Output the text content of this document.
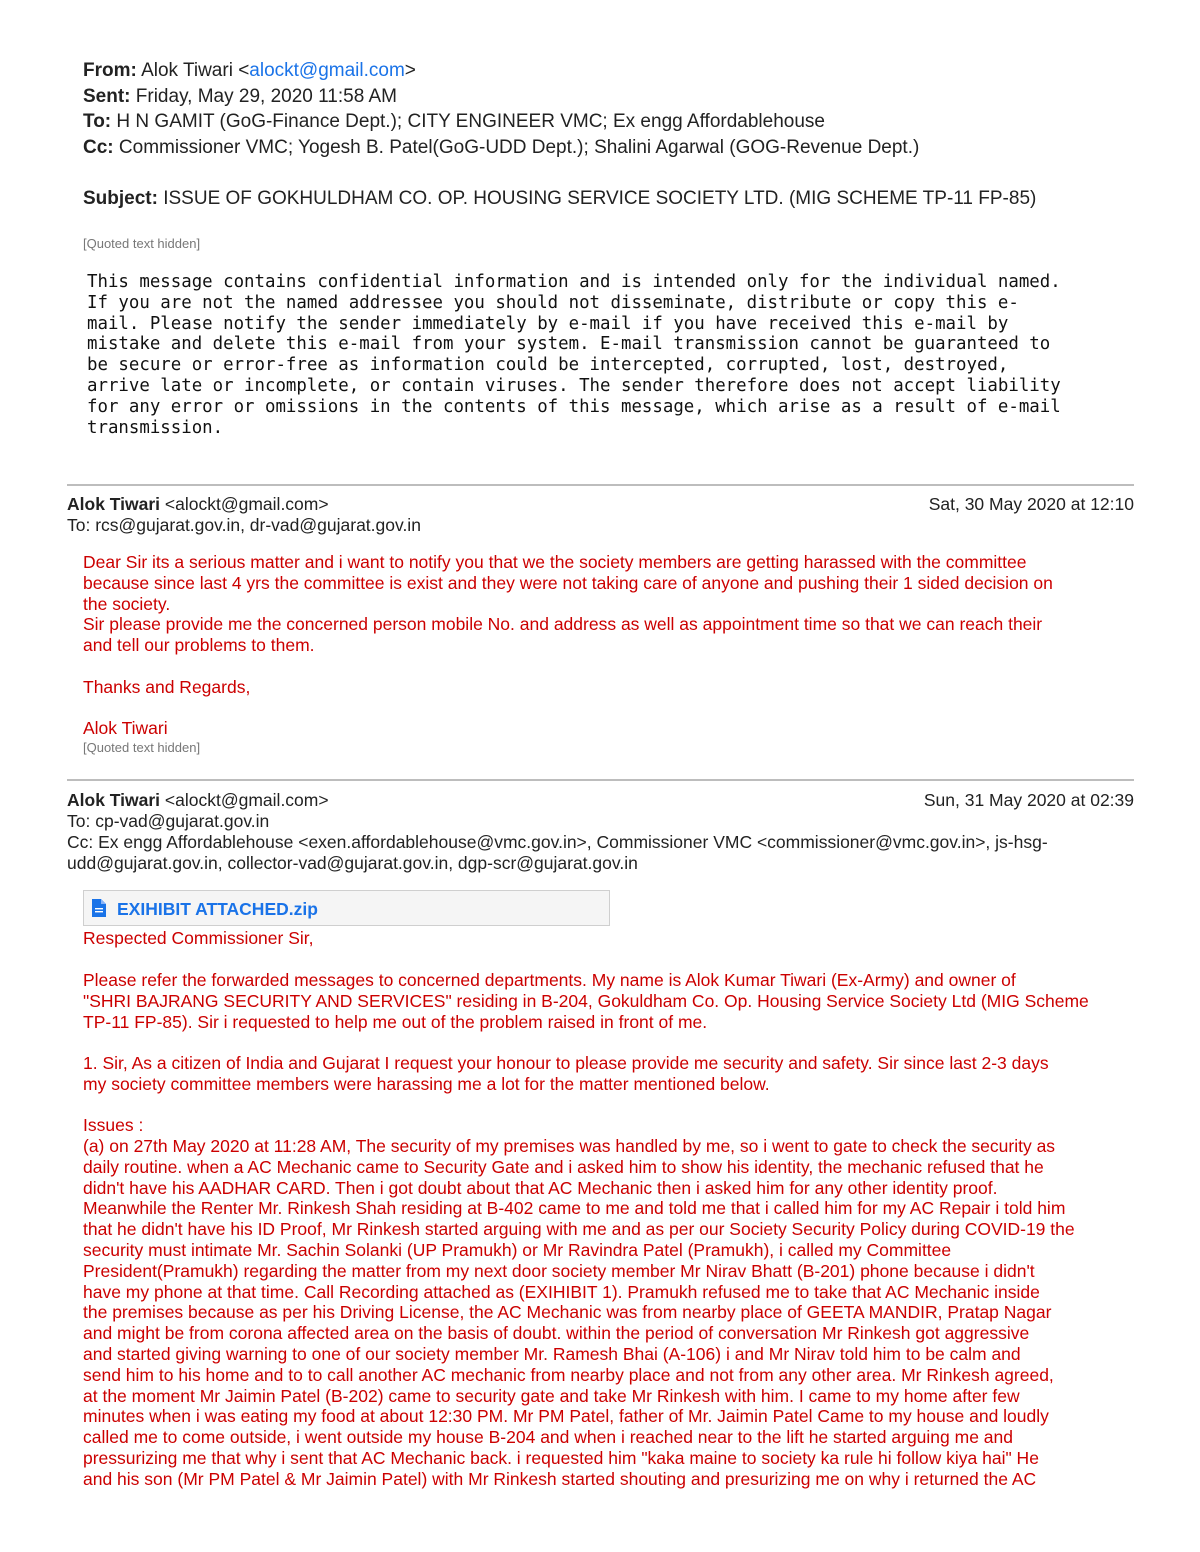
From: Alok Tiwari <alockt@gmail.com>
Sent: Friday, May 29, 2020 11:58 AM
To: H N GAMIT (GoG-Finance Dept.); CITY ENGINEER VMC; Ex engg Affordablehouse
Cc: Commissioner VMC; Yogesh B. Patel(GoG-UDD Dept.); Shalini Agarwal (GOG-Revenue Dept.)
Subject: ISSUE OF GOKHULDHAM CO. OP. HOUSING SERVICE SOCIETY LTD. (MIG SCHEME TP-11 FP-85)
[Quoted text hidden]
This message contains confidential information and is intended only for the individual named.
If you are not the named addressee you should not disseminate, distribute or copy this e-
mail. Please notify the sender immediately by e-mail if you have received this e-mail by
mistake and delete this e-mail from your system. E-mail transmission cannot be guaranteed to
be secure or error-free as information could be intercepted, corrupted, lost, destroyed,
arrive late or incomplete, or contain viruses. The sender therefore does not accept liability
for any error or omissions in the contents of this message, which arise as a result of e-mail
transmission.
Alok Tiwari <alockt@gmail.com>	Sat, 30 May 2020 at 12:10
To: rcs@gujarat.gov.in, dr-vad@gujarat.gov.in

Dear Sir its a serious matter and i want to notify you that we the society members are getting harassed with the committee
because since last 4 yrs the committee is exist and they were not taking care of anyone and pushing their 1 sided decision on
the society.
Sir please provide me the concerned person mobile No. and address as well as appointment time so that we can reach their
and tell our problems to them.

Thanks and Regards,
Alok Tiwari
[Quoted text hidden]
Alok Tiwari <alockt@gmail.com>	Sun, 31 May 2020 at 02:39
To: cp-vad@gujarat.gov.in
Cc: Ex engg Affordablehouse <exen.affordablehouse@vmc.gov.in>, Commissioner VMC <commissioner@vmc.gov.in>, js-hsg-
udd@gujarat.gov.in, collector-vad@gujarat.gov.in, dgp-scr@gujarat.gov.in
EXIHIBIT ATTACHED.zip
Respected Commissioner Sir,

Please refer the forwarded messages to concerned departments. My name is Alok Kumar Tiwari (Ex-Army) and owner of
"SHRI BAJRANG SECURITY AND SERVICES" residing in B-204, Gokuldham Co. Op. Housing Service Society Ltd (MIG Scheme
TP-11 FP-85). Sir i requested to help me out of the problem raised in front of me.

1. Sir, As a citizen of India and Gujarat I request your honour to please provide me security and safety. Sir since last 2-3 days
my society committee members were harassing me a lot for the matter mentioned below.

Issues :

(a) on 27th May 2020 at 11:28 AM, The security of my premises was handled by me, so i went to gate to check the security as
daily routine. when a AC Mechanic came to Security Gate and i asked him to show his identity, the mechanic refused that he
didn't have his AADHAR CARD. Then i got doubt about that AC Mechanic then i asked him for any other identity proof.
Meanwhile the Renter Mr. Rinkesh Shah residing at B-402 came to me and told me that i called him for my AC Repair i told him
that he didn't have his ID Proof, Mr Rinkesh started arguing with me and as per our Society Security Policy during COVID-19 the
security must intimate Mr. Sachin Solanki (UP Pramukh) or Mr Ravindra Patel (Pramukh), i called my Committee
President(Pramukh) regarding the matter from my next door society member Mr Nirav Bhatt (B-201) phone because i didn't
have my phone at that time. Call Recording attached as (EXIHIBIT 1). Pramukh refused me to take that AC Mechanic inside
the premises because as per his Driving License, the AC Mechanic was from nearby place of GEETA MANDIR, Pratap Nagar
and might be from corona affected area on the basis of doubt. within the period of conversation Mr Rinkesh got aggressive
and started giving warning to one of our society member Mr. Ramesh Bhai (A-106) i and Mr Nirav told him to be calm and
send him to his home and to to call another AC mechanic from nearby place and not from any other area. Mr Rinkesh agreed,
at the moment Mr Jaimin Patel (B-202) came to security gate and take Mr Rinkesh with him. I came to my home after few
minutes when i was eating my food at about 12:30 PM. Mr PM Patel, father of Mr. Jaimin Patel Came to my house and loudly
called me to come outside, i went outside my house B-204 and when i reached near to the lift he started arguing me and
pressurizing me that why i sent that AC Mechanic back. i requested him "kaka maine to society ka rule hi follow kiya hai" He
and his son (Mr PM Patel & Mr Jaimin Patel) with Mr Rinkesh started shouting and presurizing me on why i returned the AC
